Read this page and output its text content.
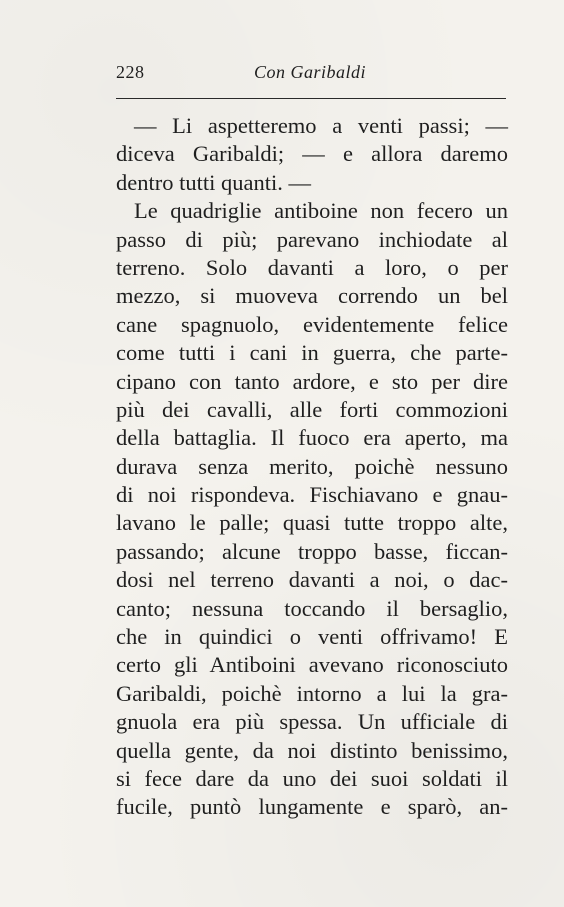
228	Con Garibaldi
— Li aspetteremo a venti passi; —
diceva Garibaldi; — e allora daremo
dentro tutti quanti. —
Le quadriglie antiboine non fecero un
passo di più; parevano inchiodate al
terreno. Solo davanti a loro, o per
mezzo, si muoveva correndo un bel
cane spagnuolo, evidentemente felice
come tutti i cani in guerra, che parte-
cipano con tanto ardore, e sto per dire
più dei cavalli, alle forti commozioni
della battaglia. Il fuoco era aperto, ma
durava senza merito, poichè nessuno
di noi rispondeva. Fischiavano e gnau-
lavano le palle; quasi tutte troppo alte,
passando; alcune troppo basse, ficcan-
dosi nel terreno davanti a noi, o dac-
canto; nessuna toccando il bersaglio,
che in quindici o venti offrivamo! E
certo gli Antiboini avevano riconosciuto
Garibaldi, poichè intorno a lui la gra-
gnuola era più spessa. Un ufficiale di
quella gente, da noi distinto benissimo,
si fece dare da uno dei suoi soldati il
fucile, puntò lungamente e sparò, an-
